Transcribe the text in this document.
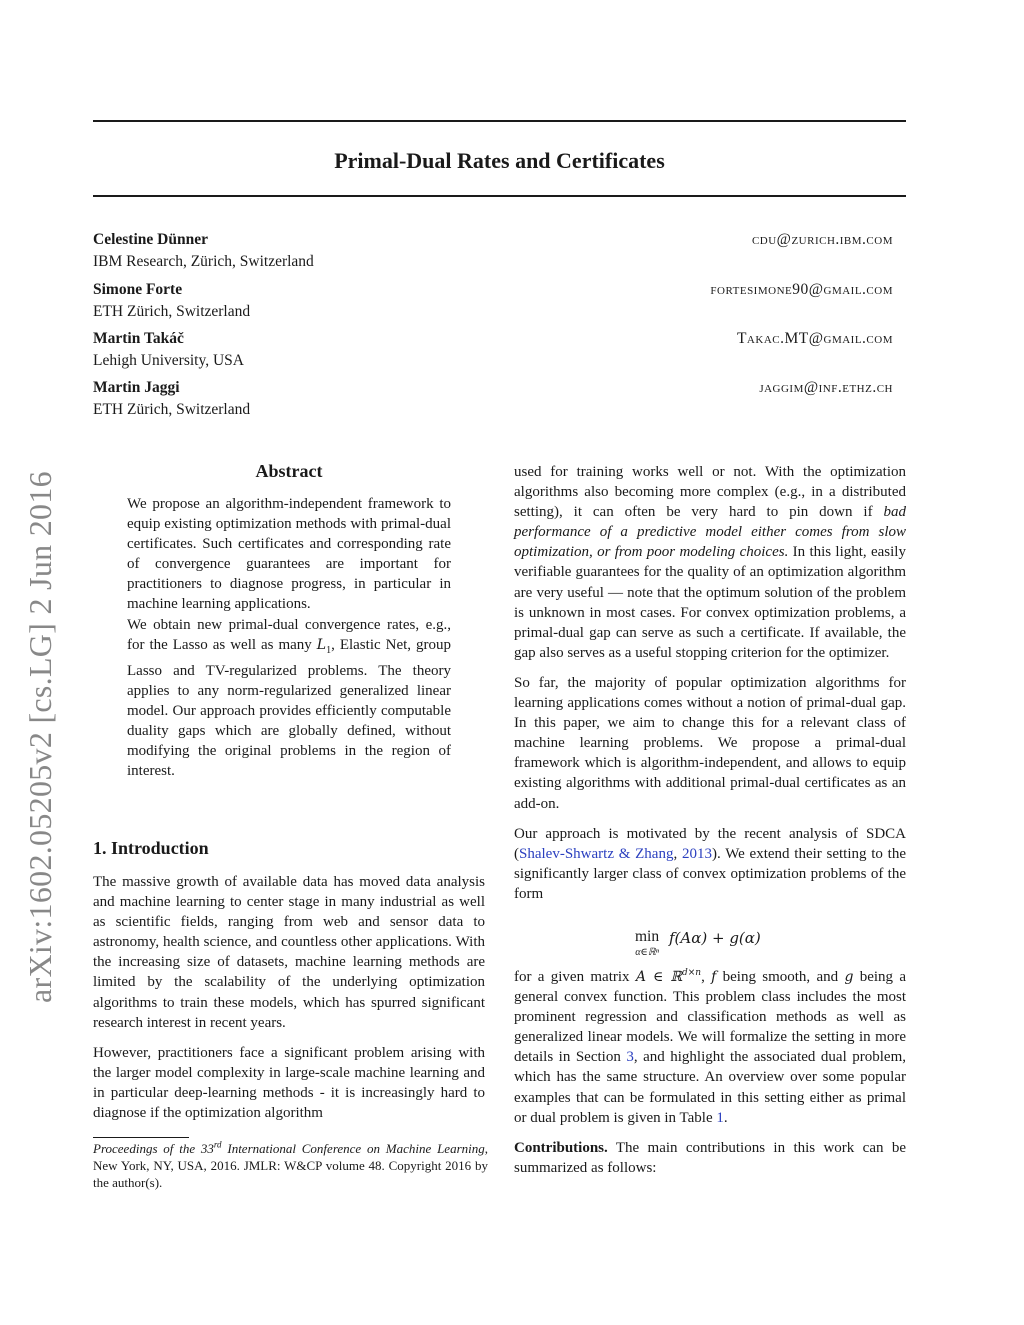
Primal-Dual Rates and Certificates
Celestine Dünner	cdu@zurich.ibm.com
IBM Research, Zürich, Switzerland
Simone Forte	fortesimone90@gmail.com
ETH Zürich, Switzerland
Martin Takáč	Takac.MT@gmail.com
Lehigh University, USA
Martin Jaggi	jaggim@inf.ethz.ch
ETH Zürich, Switzerland
arXiv:1602.05205v2 [cs.LG] 2 Jun 2016
Abstract

We propose an algorithm-independent framework to equip existing optimization methods with primal-dual certificates. Such certificates and corresponding rate of convergence guarantees are important for practitioners to diagnose progress, in particular in machine learning applications.

We obtain new primal-dual convergence rates, e.g., for the Lasso as well as many $L_1$, Elastic Net, group Lasso and TV-regularized problems. The theory applies to any norm-regularized generalized linear model. Our approach provides efficiently computable duality gaps which are globally defined, without modifying the original problems in the region of interest.

1. Introduction

The massive growth of available data has moved data analysis and machine learning to center stage in many industrial as well as scientific fields, ranging from web and sensor data to astronomy, health science, and countless other applications. With the increasing size of datasets, machine learning methods are limited by the scalability of the underlying optimization algorithms to train these models, which has spurred significant research interest in recent years.

However, practitioners face a significant problem arising with the larger model complexity in large-scale machine learning and in particular deep-learning methods - it is increasingly hard to diagnose if the optimization algorithm

Proceedings of the 33rd International Conference on Machine Learning, New York, NY, USA, 2016. JMLR: W&CP volume 48. Copyright 2016 by the author(s).

used for training works well or not. With the optimization algorithms also becoming more complex (e.g., in a distributed setting), it can often be very hard to pin down if bad performance of a predictive model either comes from slow optimization, or from poor modeling choices. In this light, easily verifiable guarantees for the quality of an optimization algorithm are very useful — note that the optimum solution of the problem is unknown in most cases. For convex optimization problems, a primal-dual gap can serve as such a certificate. If available, the gap also serves as a useful stopping criterion for the optimizer.

So far, the majority of popular optimization algorithms for learning applications comes without a notion of primal-dual gap. In this paper, we aim to change this for a relevant class of machine learning problems. We propose a primal-dual framework which is algorithm-independent, and allows to equip existing algorithms with additional primal-dual certificates as an add-on.

Our approach is motivated by the recent analysis of SDCA (Shalev-Shwartz & Zhang, 2013). We extend their setting to the significantly larger class of convex optimization problems of the form

min
α∈ℝⁿ
f(Aα) + g(α)

for a given matrix A ∈ ℝ$^{d\times n}$, f being smooth, and g being a general convex function. This problem class includes the most prominent regression and classification methods as well as generalized linear models. We will formalize the setting in more details in Section 3, and highlight the associated dual problem, which has the same structure. An overview over some popular examples that can be formulated in this setting either as primal or dual problem is given in Table 1.

Contributions. The main contributions in this work can be summarized as follows:
